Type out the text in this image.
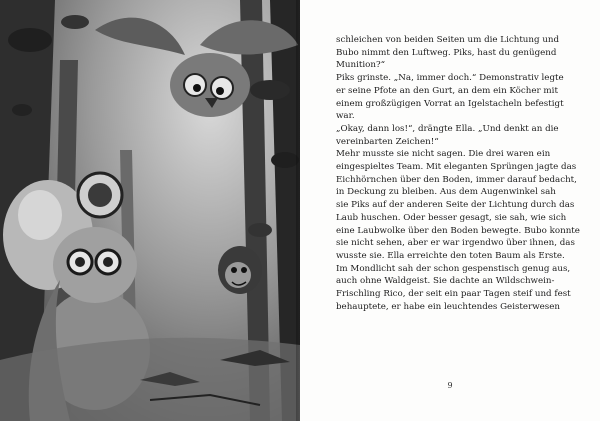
schleichen von beiden Seiten um die Lichtung und

Bubo nimmt den Luftweg. Piks, hast du genügend

Munition?“

Piks grinste. „Na, immer doch.“ Demonstrativ legte

er seine Pfote an den Gurt, an dem ein Köcher mit

einem großzügigen Vorrat an Igelstacheln befestigt

war.

„Okay, dann los!“, drängte Ella. „Und denkt an die

vereinbarten Zeichen!“

Mehr musste sie nicht sagen. Die drei waren ein

eingespieltes Team. Mit eleganten Sprüngen jagte das

Eichhörnchen über den Boden, immer darauf bedacht,

in Deckung zu bleiben. Aus dem Augenwinkel sah

sie Piks auf der anderen Seite der Lichtung durch das

Laub huschen. Oder besser gesagt, sie sah, wie sich

eine Laubwolke über den Boden bewegte. Bubo konnte

sie nicht sehen, aber er war irgendwo über ihnen, das

wusste sie. Ella erreichte den toten Baum als Erste.

Im Mondlicht sah der schon gespenstisch genug aus,

auch ohne Waldgeist. Sie dachte an Wildschwein-

Frischling Rico, der seit ein paar Tagen steif und fest

behauptete, er habe ein leuchtendes Geisterwesen

9
